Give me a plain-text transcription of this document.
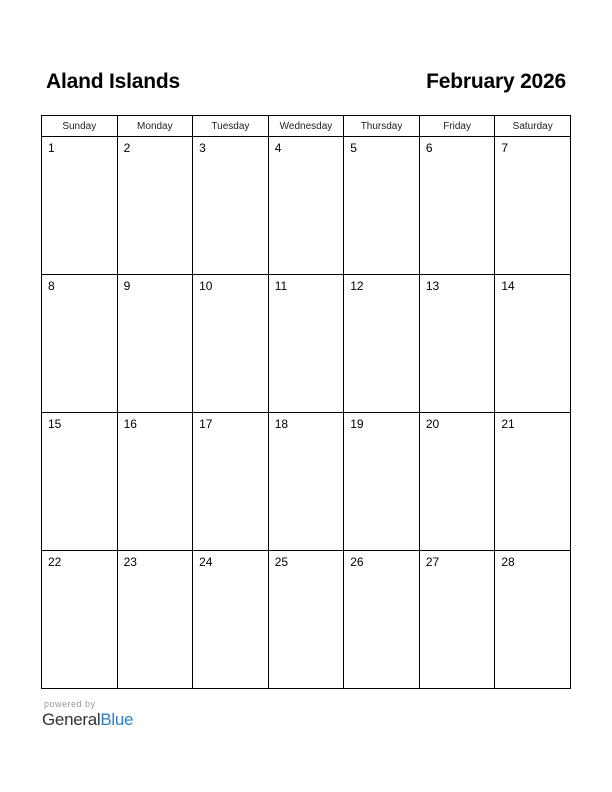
Aland Islands	February 2026
Sunday	Monday	Tuesday	Wednesday	Thursday	Friday	Saturday

1	2	3	4	5	6	7

8	9	10	11	12	13	14

15	16	17	18	19	20	21

22	23	24	25	26	27	28
powered by
GeneralBlue
